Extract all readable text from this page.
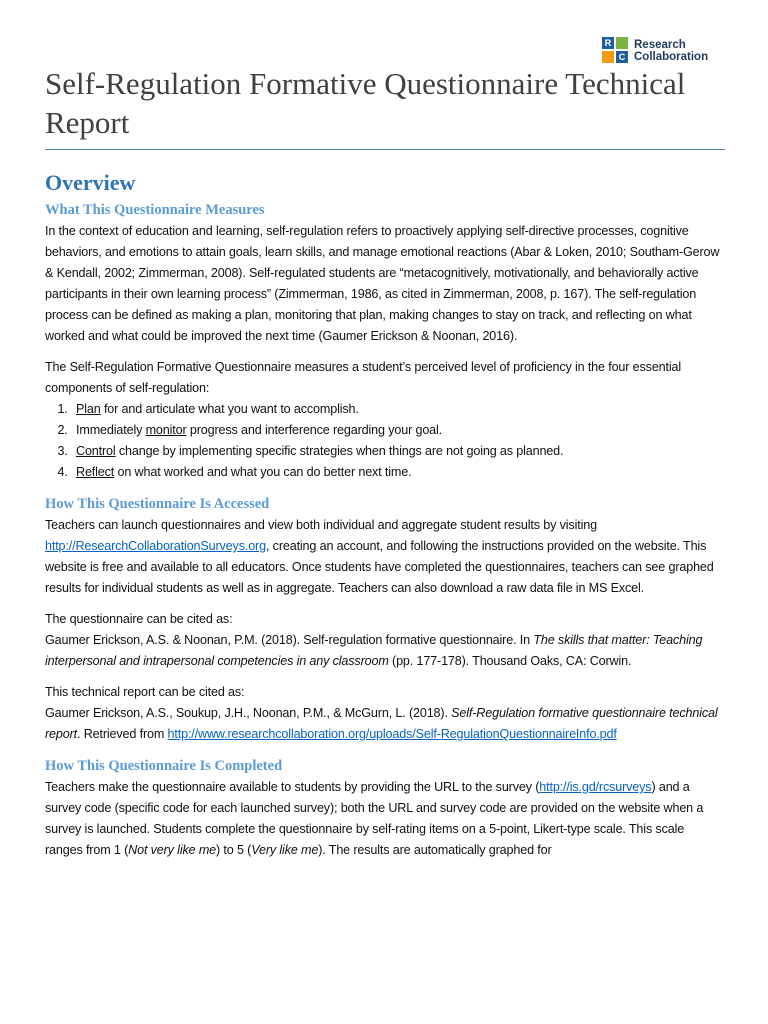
R
C
Research
Collaboration
Self-Regulation Formative Questionnaire Technical Report
Overview
What This Questionnaire Measures

In the context of education and learning, self-regulation refers to proactively applying self-directive processes, cognitive behaviors, and emotions to attain goals, learn skills, and manage emotional reactions (Abar & Loken, 2010; Southam-Gerow & Kendall, 2002; Zimmerman, 2008). Self-regulated students are “metacognitively, motivationally, and behaviorally active participants in their own learning process” (Zimmerman, 1986, as cited in Zimmerman, 2008, p. 167). The self-regulation process can be defined as making a plan, monitoring that plan, making changes to stay on track, and reflecting on what worked and what could be improved the next time (Gaumer Erickson & Noonan, 2016).

The Self-Regulation Formative Questionnaire measures a student’s perceived level of proficiency in the four essential components of self-regulation:

1. Plan for and articulate what you want to accomplish.
2. Immediately monitor progress and interference regarding your goal.
3. Control change by implementing specific strategies when things are not going as planned.
4. Reflect on what worked and what you can do better next time.
How This Questionnaire Is Accessed

Teachers can launch questionnaires and view both individual and aggregate student results by visiting http://ResearchCollaborationSurveys.org, creating an account, and following the instructions provided on the website. This website is free and available to all educators. Once students have completed the questionnaires, teachers can see graphed results for individual students as well as in aggregate. Teachers can also download a raw data file in MS Excel.

The questionnaire can be cited as:

Gaumer Erickson, A.S. & Noonan, P.M. (2018). Self-regulation formative questionnaire. In The skills that matter: Teaching interpersonal and intrapersonal competencies in any classroom (pp. 177-178). Thousand Oaks, CA: Corwin.

This technical report can be cited as:

Gaumer Erickson, A.S., Soukup, J.H., Noonan, P.M., & McGurn, L. (2018). Self-Regulation formative questionnaire technical report. Retrieved from http://www.researchcollaboration.org/uploads/Self-RegulationQuestionnaireInfo.pdf

How This Questionnaire Is Completed

Teachers make the questionnaire available to students by providing the URL to the survey (http://is.gd/rcsurveys) and a survey code (specific code for each launched survey); both the URL and survey code are provided on the website when a survey is launched. Students complete the questionnaire by self-rating items on a 5-point, Likert-type scale. This scale ranges from 1 (Not very like me) to 5 (Very like me). The results are automatically graphed for
